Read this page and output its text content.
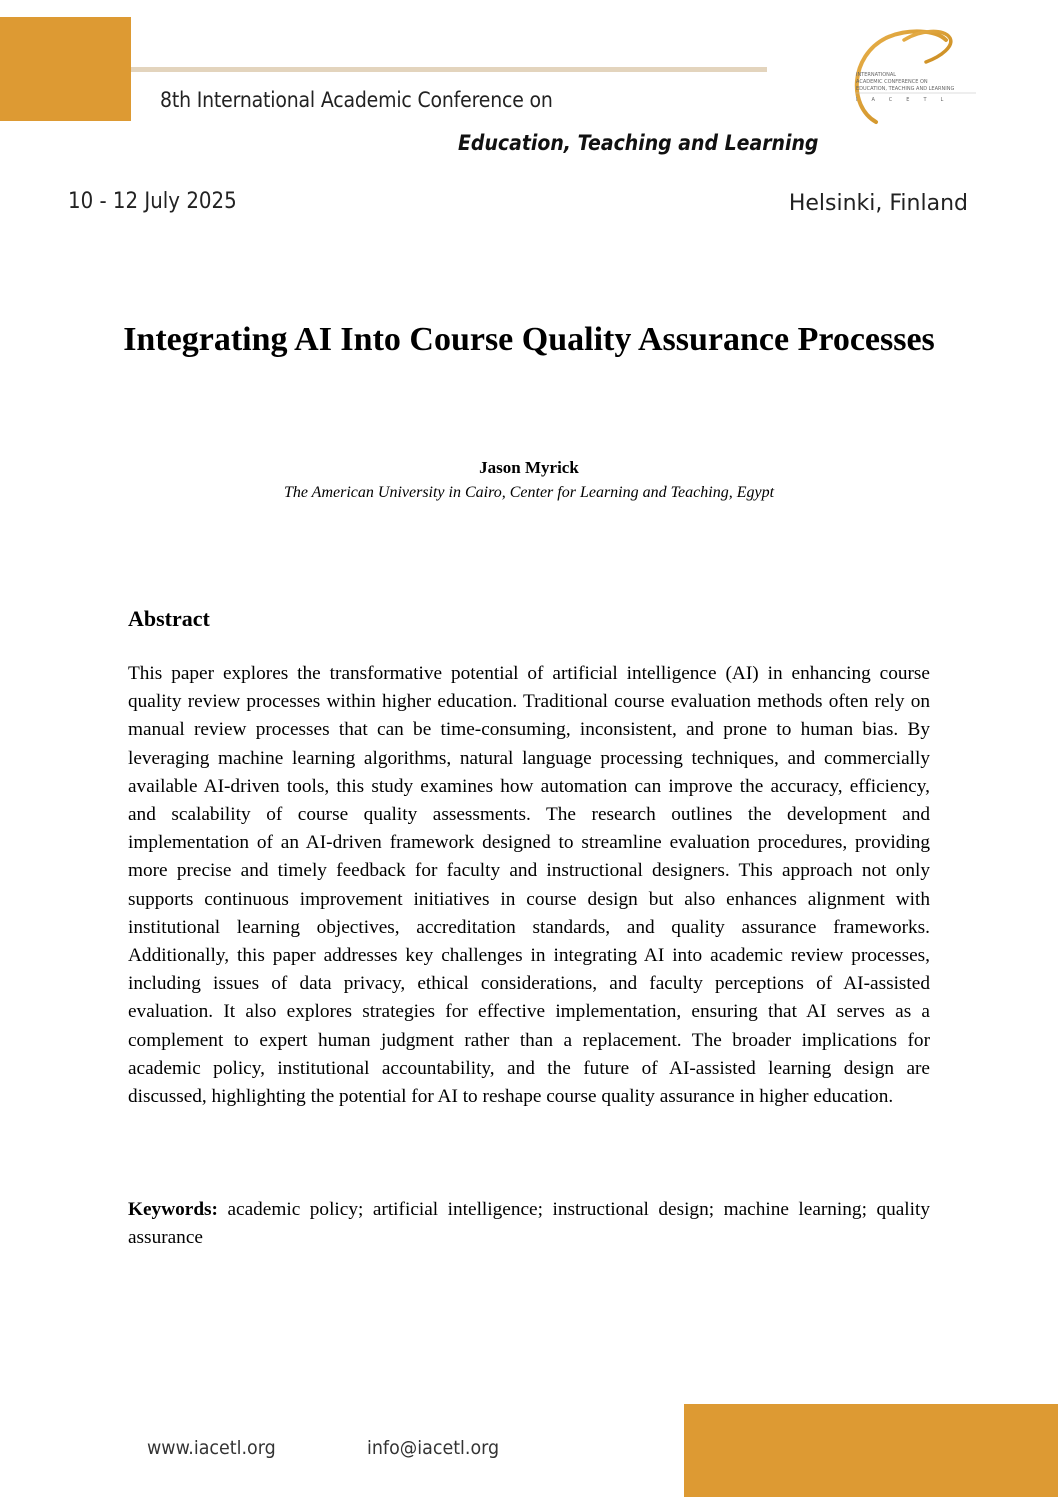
8th International Academic Conference on
Education, Teaching and Learning
10 - 12 July 2025	Helsinki, Finland
INTERNATIONAL
ACADEMIC CONFERENCE ON
EDUCATION, TEACHING AND LEARNING
IACETL
Integrating AI Into Course Quality Assurance Processes
Jason Myrick
The American University in Cairo, Center for Learning and Teaching, Egypt
Abstract

This paper explores the transformative potential of artificial intelligence (AI) in enhancing course quality review processes within higher education. Traditional course evaluation methods often rely on manual review processes that can be time-consuming, inconsistent, and prone to human bias. By leveraging machine learning algorithms, natural language processing techniques, and commercially available AI-driven tools, this study examines how automation can improve the accuracy, efficiency, and scalability of course quality assessments. The research outlines the development and implementation of an AI-driven framework designed to streamline evaluation procedures, providing more precise and timely feedback for faculty and instructional designers. This approach not only supports continuous improvement initiatives in course design but also enhances alignment with institutional learning objectives, accreditation standards, and quality assurance frameworks. Additionally, this paper addresses key challenges in integrating AI into academic review processes, including issues of data privacy, ethical considerations, and faculty perceptions of AI-assisted evaluation. It also explores strategies for effective implementation, ensuring that AI serves as a complement to expert human judgment rather than a replacement. The broader implications for academic policy, institutional accountability, and the future of AI-assisted learning design are discussed, highlighting the potential for AI to reshape course quality assurance in higher education.

Keywords: academic policy; artificial intelligence; instructional design; machine learning; quality assurance

www.iacetl.org	info@iacetl.org
